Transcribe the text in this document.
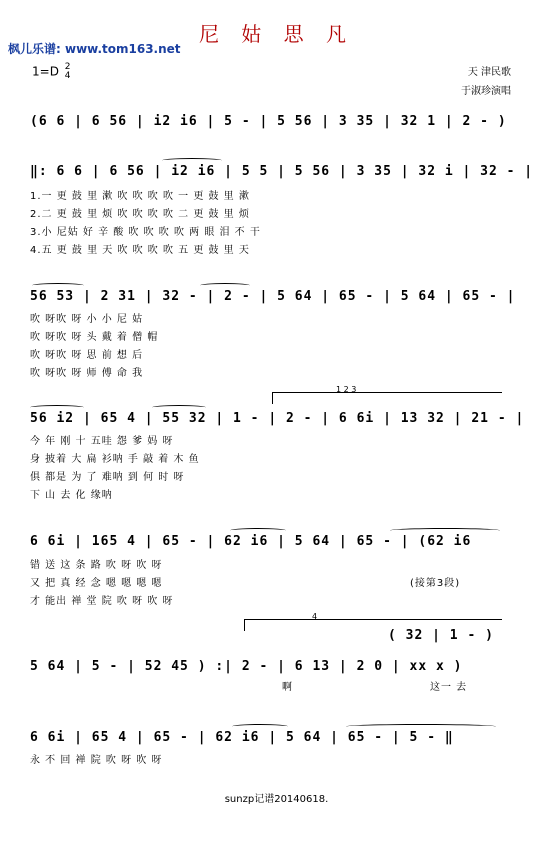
尼 姑 思 凡
枫儿乐谱: www.tom163.net
1=D 2
4	天 津民歌
于淑珍演唱
(6 6 | 6 56 | i2 i6 | 5 - | 5 56 | 3 35 | 32 1 | 2 - )
‖: 6 6 | 6 56 | i2 i6 | 5 5 | 5 56 | 3 35 | 32 i | 32 - |
1.一 更 鼓 里 漱 吹 吹 吹 吹 一 更 鼓 里 漱
2.二 更 鼓 里 烦 吹 吹 吹 吹 二 更 鼓 里 烦
3.小 尼姑 好 辛 酸 吹 吹 吹 吹 两 眼 泪 不 干
4.五 更 鼓 里 天 吹 吹 吹 吹 五 更 鼓 里 天
56 53 | 2 31 | 32 - | 2 - | 5 64 | 65 - | 5 64 | 65 - |
吹 呀吹 呀 小 小 尼 姑
吹 呀吹 呀 头 戴 着 僧 帽
吹 呀吹 呀 思 前 想 后
吹 呀吹 呀 师 傅 命 我
1 2 3
56 i2 | 65 4 | 55 32 | 1 - | 2 - | 6 6i | 13 32 | 21 - |
今 年 刚 十 五哇 怨 爹 妈 呀
身 披着 大 扁 衫呐 手 敲 着 木 鱼
俱 都是 为 了 难呐 到 何 时 呀
下 山 去 化 缘呐
6 6i | 165 4 | 65 - | 62 i6 | 5 64 | 65 - | (62 i6
错 送 这 条 路 吹 呀 吹 呀
又 把 真 经 念 嗯 嗯 嗯 嗯
才 能出 禅 堂 院 吹 呀 吹 呀
(接第3段)
4
( 32 | 1 - )
5 64 | 5 - | 52 45 ) :| 2 - | 6 13 | 2 0 | xx x )
啊	这一 去
6 6i | 65 4 | 65 - | 62 i6 | 5 64 | 65 - | 5 - ‖
永 不 回 禅 院 吹 呀 吹 呀
sunzp记谱20140618.
